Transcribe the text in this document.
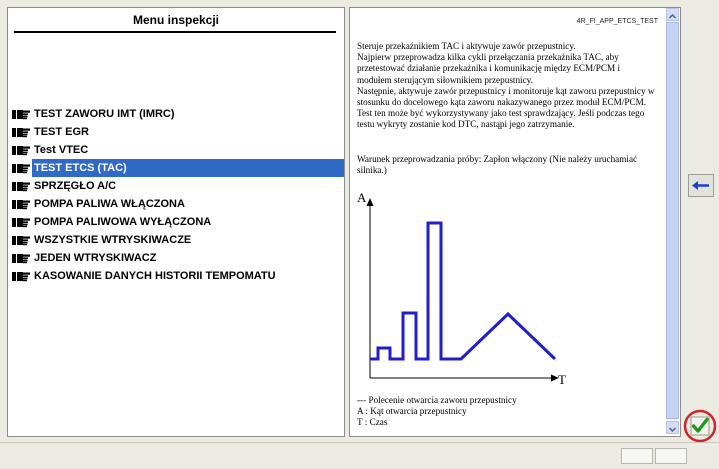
Menu inspekcji
TEST ZAWORU IMT (IMRC)
TEST EGR
Test VTEC
TEST ETCS (TAC)
SPRZĘGŁO A/C
POMPA PALIWA WŁĄCZONA
POMPA PALIWOWA WYŁĄCZONA
WSZYSTKIE WTRYSKIWACZE
JEDEN WTRYSKIWACZ
KASOWANIE DANYCH HISTORII TEMPOMATU
4R_FI_APP_ETCS_TEST

Steruje przekaźnikiem TAC i aktywuje zawór przepustnicy.

Najpierw przeprowadza kilka cykli przełączania przekaźnika TAC, aby przetestować działanie przekaźnika i komunikację między ECM/PCM i modułem sterującym siłownikiem przepustnicy.

Następnie, aktywuje zawór przepustnicy i monitoruje kąt zaworu przepustnicy w stosunku do docelowego kąta zaworu nakazywanego przez moduł ECM/PCM. Test ten może być wykorzystywany jako test sprawdzający. Jeśli podczas tego testu wykryty zostanie kod DTC, nastąpi jego zatrzymanie.

Warunek przeprowadzania próby: Zapłon włączony (Nie należy uruchamiać silnika.)
A
T
--- Polecenie otwarcia zaworu przepustnicy
A : Kąt otwarcia przepustnicy
T : Czas
